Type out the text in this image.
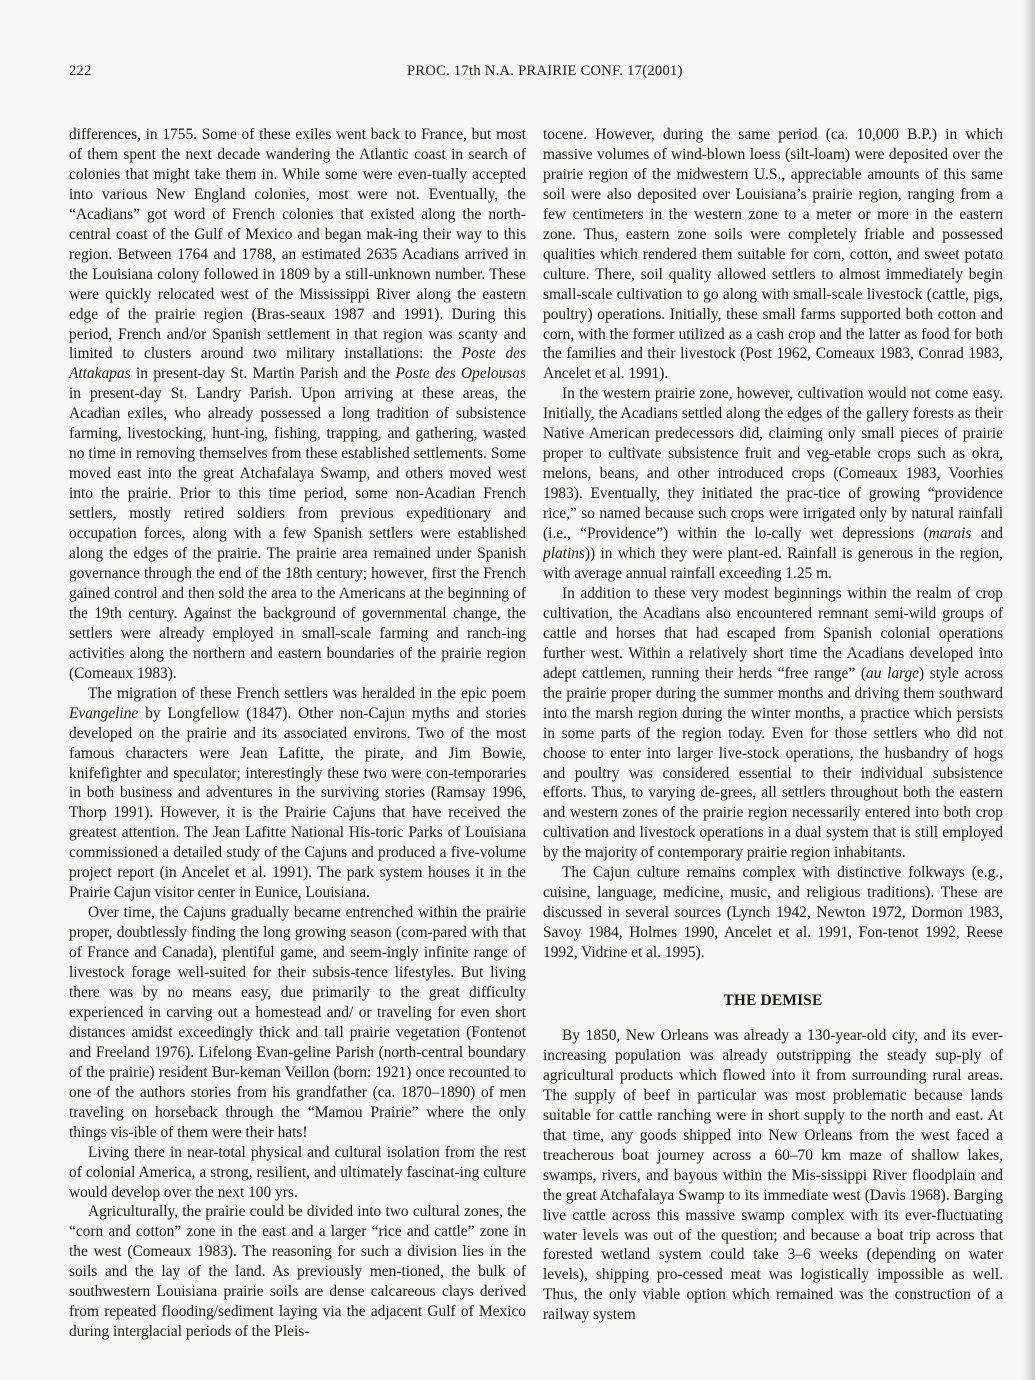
222	PROC. 17th N.A. PRAIRIE CONF. 17(2001)

differences, in 1755. Some of these exiles went back to France, but most of them spent the next decade wandering the Atlantic coast in search of colonies that might take them in. While some were even-tually accepted into various New England colonies, most were not. Eventually, the “Acadians” got word of French colonies that existed along the north-central coast of the Gulf of Mexico and began mak-ing their way to this region. Between 1764 and 1788, an estimated 2635 Acadians arrived in the Louisiana colony followed in 1809 by a still-unknown number. These were quickly relocated west of the Mississippi River along the eastern edge of the prairie region (Bras-seaux 1987 and 1991). During this period, French and/or Spanish settlement in that region was scanty and limited to clusters around two military installations: the Poste des Attakapas in present-day St. Martin Parish and the Poste des Opelousas in present-day St. Landry Parish. Upon arriving at these areas, the Acadian exiles, who already possessed a long tradition of subsistence farming, livestocking, hunt-ing, fishing, trapping, and gathering, wasted no time in removing themselves from these established settlements. Some moved east into the great Atchafalaya Swamp, and others moved west into the prairie. Prior to this time period, some non-Acadian French settlers, mostly retired soldiers from previous expeditionary and occupation forces, along with a few Spanish settlers were established along the edges of the prairie. The prairie area remained under Spanish governance through the end of the 18th century; however, first the French gained control and then sold the area to the Americans at the beginning of the 19th century. Against the background of governmental change, the settlers were already employed in small-scale farming and ranch-ing activities along the northern and eastern boundaries of the prairie region (Comeaux 1983).

The migration of these French settlers was heralded in the epic poem Evangeline by Longfellow (1847). Other non-Cajun myths and stories developed on the prairie and its associated environs. Two of the most famous characters were Jean Lafitte, the pirate, and Jim Bowie, knifefighter and speculator; interestingly these two were con-temporaries in both business and adventures in the surviving stories (Ramsay 1996, Thorp 1991). However, it is the Prairie Cajuns that have received the greatest attention. The Jean Lafitte National His-toric Parks of Louisiana commissioned a detailed study of the Cajuns and produced a five-volume project report (in Ancelet et al. 1991). The park system houses it in the Prairie Cajun visitor center in Eunice, Louisiana.

Over time, the Cajuns gradually became entrenched within the prairie proper, doubtlessly finding the long growing season (com-pared with that of France and Canada), plentiful game, and seem-ingly infinite range of livestock forage well-suited for their subsis-tence lifestyles. But living there was by no means easy, due primarily to the great difficulty experienced in carving out a homestead and/ or traveling for even short distances amidst exceedingly thick and tall prairie vegetation (Fontenot and Freeland 1976). Lifelong Evan-geline Parish (north-central boundary of the prairie) resident Bur-keman Veillon (born: 1921) once recounted to one of the authors stories from his grandfather (ca. 1870–1890) of men traveling on horseback through the “Mamou Prairie” where the only things vis-ible of them were their hats!

Living there in near-total physical and cultural isolation from the rest of colonial America, a strong, resilient, and ultimately fascinat-ing culture would develop over the next 100 yrs.

Agriculturally, the prairie could be divided into two cultural zones, the “corn and cotton” zone in the east and a larger “rice and cattle” zone in the west (Comeaux 1983). The reasoning for such a division lies in the soils and the lay of the land. As previously men-tioned, the bulk of southwestern Louisiana prairie soils are dense calcareous clays derived from repeated flooding/sediment laying via the adjacent Gulf of Mexico during interglacial periods of the Pleis-

tocene. However, during the same period (ca. 10,000 B.P.) in which massive volumes of wind-blown loess (silt-loam) were deposited over the prairie region of the midwestern U.S., appreciable amounts of this same soil were also deposited over Louisiana’s prairie region, ranging from a few centimeters in the western zone to a meter or more in the eastern zone. Thus, eastern zone soils were completely friable and possessed qualities which rendered them suitable for corn, cotton, and sweet potato culture. There, soil quality allowed settlers to almost immediately begin small-scale cultivation to go along with small-scale livestock (cattle, pigs, poultry) operations. Initially, these small farms supported both cotton and corn, with the former utilized as a cash crop and the latter as food for both the families and their livestock (Post 1962, Comeaux 1983, Conrad 1983, Ancelet et al. 1991).

In the western prairie zone, however, cultivation would not come easy. Initially, the Acadians settled along the edges of the gallery forests as their Native American predecessors did, claiming only small pieces of prairie proper to cultivate subsistence fruit and veg-etable crops such as okra, melons, beans, and other introduced crops (Comeaux 1983, Voorhies 1983). Eventually, they initiated the prac-tice of growing “providence rice,” so named because such crops were irrigated only by natural rainfall (i.e., “Providence”) within the lo-cally wet depressions (marais and platins)) in which they were plant-ed. Rainfall is generous in the region, with average annual rainfall exceeding 1.25 m.

In addition to these very modest beginnings within the realm of crop cultivation, the Acadians also encountered remnant semi-wild groups of cattle and horses that had escaped from Spanish colonial operations further west. Within a relatively short time the Acadians developed into adept cattlemen, running their herds “free range” (au large) style across the prairie proper during the summer months and driving them southward into the marsh region during the winter months, a practice which persists in some parts of the region today. Even for those settlers who did not choose to enter into larger live-stock operations, the husbandry of hogs and poultry was considered essential to their individual subsistence efforts. Thus, to varying de-grees, all settlers throughout both the eastern and western zones of the prairie region necessarily entered into both crop cultivation and livestock operations in a dual system that is still employed by the majority of contemporary prairie region inhabitants.

The Cajun culture remains complex with distinctive folkways (e.g., cuisine, language, medicine, music, and religious traditions). These are discussed in several sources (Lynch 1942, Newton 1972, Dormon 1983, Savoy 1984, Holmes 1990, Ancelet et al. 1991, Fon-tenot 1992, Reese 1992, Vidrine et al. 1995).

THE DEMISE

By 1850, New Orleans was already a 130-year-old city, and its ever-increasing population was already outstripping the steady sup-ply of agricultural products which flowed into it from surrounding rural areas. The supply of beef in particular was most problematic because lands suitable for cattle ranching were in short supply to the north and east. At that time, any goods shipped into New Orleans from the west faced a treacherous boat journey across a 60–70 km maze of shallow lakes, swamps, rivers, and bayous within the Mis-sissippi River floodplain and the great Atchafalaya Swamp to its immediate west (Davis 1968). Barging live cattle across this massive swamp complex with its ever-fluctuating water levels was out of the question; and because a boat trip across that forested wetland system could take 3–6 weeks (depending on water levels), shipping pro-cessed meat was logistically impossible as well. Thus, the only viable option which remained was the construction of a railway system
